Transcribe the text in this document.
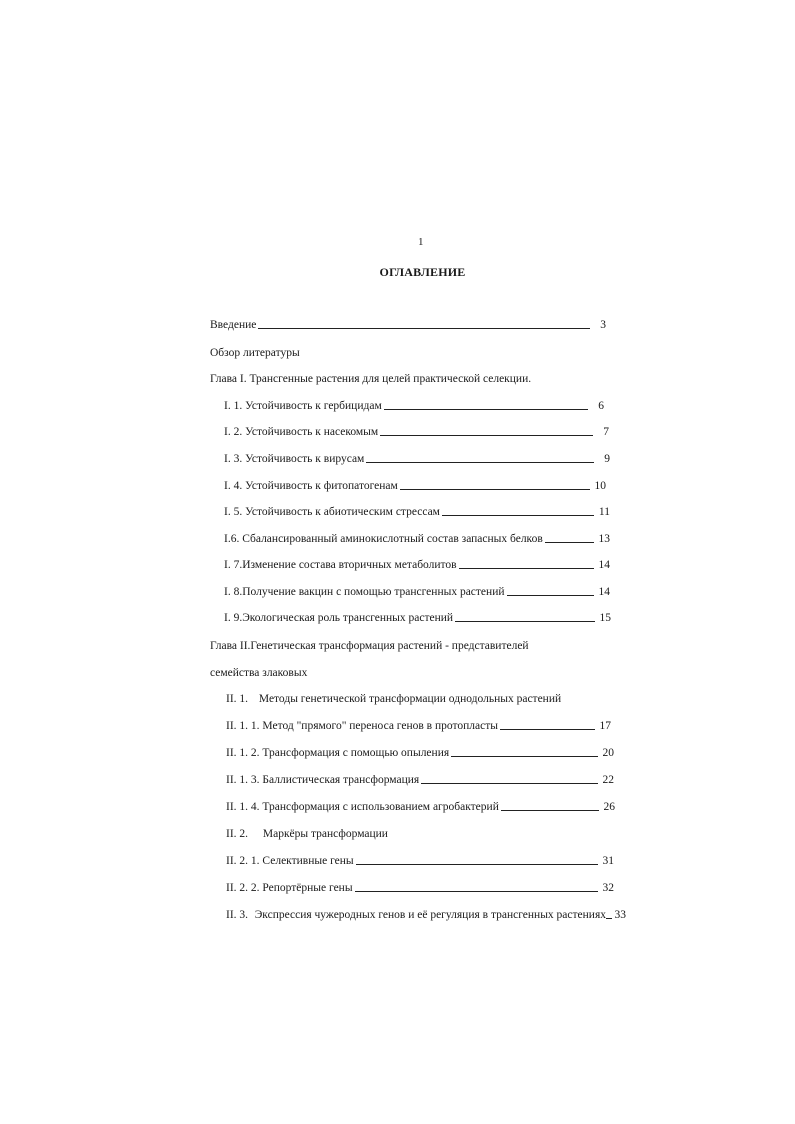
1
ОГЛАВЛЕНИЕ
Введение	3
Обзор литературы
Глава I. Трансгенные растения для целей практической селекции.
I. 1. Устойчивость к гербицидам	6
I. 2. Устойчивость к насекомым	7
I. 3. Устойчивость к вирусам	9
I. 4. Устойчивость к фитопатогенам	10
I. 5. Устойчивость к абиотическим стрессам	11
I.6. Сбалансированный аминокислотный состав запасных белков	13
I. 7.Изменение состава вторичных метаболитов	14
I. 8.Получение вакцин с помощью трансгенных растений	14
I. 9.Экологическая роль трансгенных растений	15
Глава II.Генетическая трансформация растений - представителей
семейства злаковых
II. 1. Методы генетической трансформации однодольных растений
II. 1. 1. Метод "прямого" переноса генов в протопласты	17
II. 1. 2. Трансформация с помощью опыления	20
II. 1. 3. Баллистическая трансформация	22
II. 1. 4. Трансформация с использованием агробактерий	26
II. 2. Маркёры трансформации
II. 2. 1. Селективные гены	31
II. 2. 2. Репортёрные гены	32
II. 3. Экспрессия чужеродных генов и её регуляция в трансгенных растениях 33
